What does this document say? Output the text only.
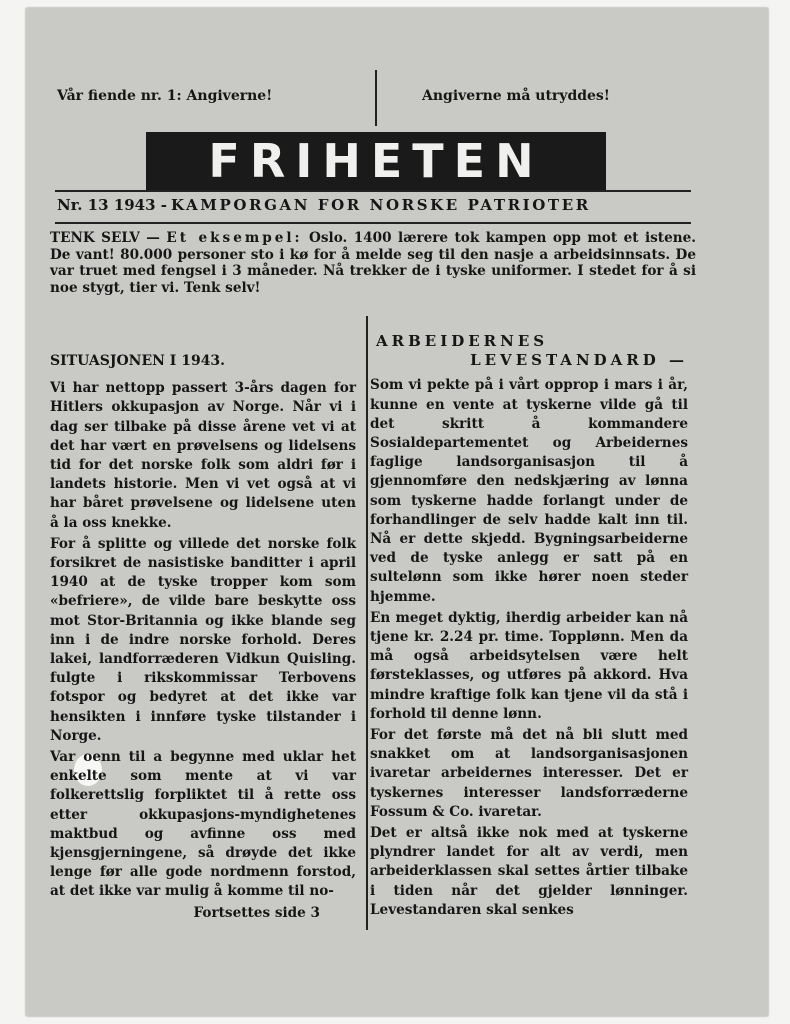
Vår fiende nr. 1: Angiverne!	Angiverne må utryddes!
FRIHETEN
Nr. 13 1943 - KAMPORGAN FOR NORSKE PATRIOTER
TENK SELV — Et eksempel: Oslo. 1400 lærere tok kampen opp mot et istene. De vant! 80.000 personer sto i kø for å melde seg til den nasje a arbeidsinnsats. De var truet med fengsel i 3 måneder. Nå trekker de i tyske uniformer. I stedet for å si noe stygt, tier vi. Tenk selv!
SITUASJONEN I 1943.

Vi har nettopp passert 3-års dagen for Hitlers okkupasjon av Norge. Når vi i dag ser tilbake på disse årene vet vi at det har vært en prøvelsens og lidelsens tid for det norske folk som aldri før i landets historie. Men vi vet også at vi har båret prøvelsene og lidelsene uten å la oss knekke.

For å splitte og villede det norske folk forsikret de nasistiske banditter i april 1940 at de tyske tropper kom som «befriere», de vilde bare beskytte oss mot Stor-Britannia og ikke blande seg inn i de indre norske forhold. Deres lakei, landforræderen Vidkun Quisling. fulgte i rikskommissar Terbovens fotspor og bedyret at det ikke var hensikten i innføre tyske tilstander i Norge.

Var oenn til a begynne med uklar het enkelte som mente at vi var folkerettslig forpliktet til å rette oss etter okkupasjons-myndighetenes maktbud og avfinne oss med kjensgjerningene, så drøyde det ikke lenge før alle gode nordmenn forstod, at det ikke var mulig å komme til no-

Fortsettes side 3
ARBEIDERNES
LEVESTANDARD —

Som vi pekte på i vårt opprop i mars i år, kunne en vente at tyskerne vilde gå til det skritt å kommandere Sosialdepartementet og Arbeidernes faglige landsorganisasjon til å gjennomføre den nedskjæring av lønna som tyskerne hadde forlangt under de forhandlinger de selv hadde kalt inn til. Nå er dette skjedd. Bygningsarbeiderne ved de tyske anlegg er satt på en sultelønn som ikke hører noen steder hjemme.

En meget dyktig, iherdig arbeider kan nå tjene kr. 2.24 pr. time. Topplønn. Men da må også arbeidsytelsen være helt førsteklasses, og utføres på akkord. Hva mindre kraftige folk kan tjene vil da stå i forhold til denne lønn.

For det første må det nå bli slutt med snakket om at landsorganisasjonen ivaretar arbeidernes interesser. Det er tyskernes interesser landsforræderne Fossum & Co. ivaretar.

Det er altså ikke nok med at tyskerne plyndrer landet for alt av verdi, men arbeiderklassen skal settes årtier tilbake i tiden når det gjelder lønninger. Levestandaren skal senkes
